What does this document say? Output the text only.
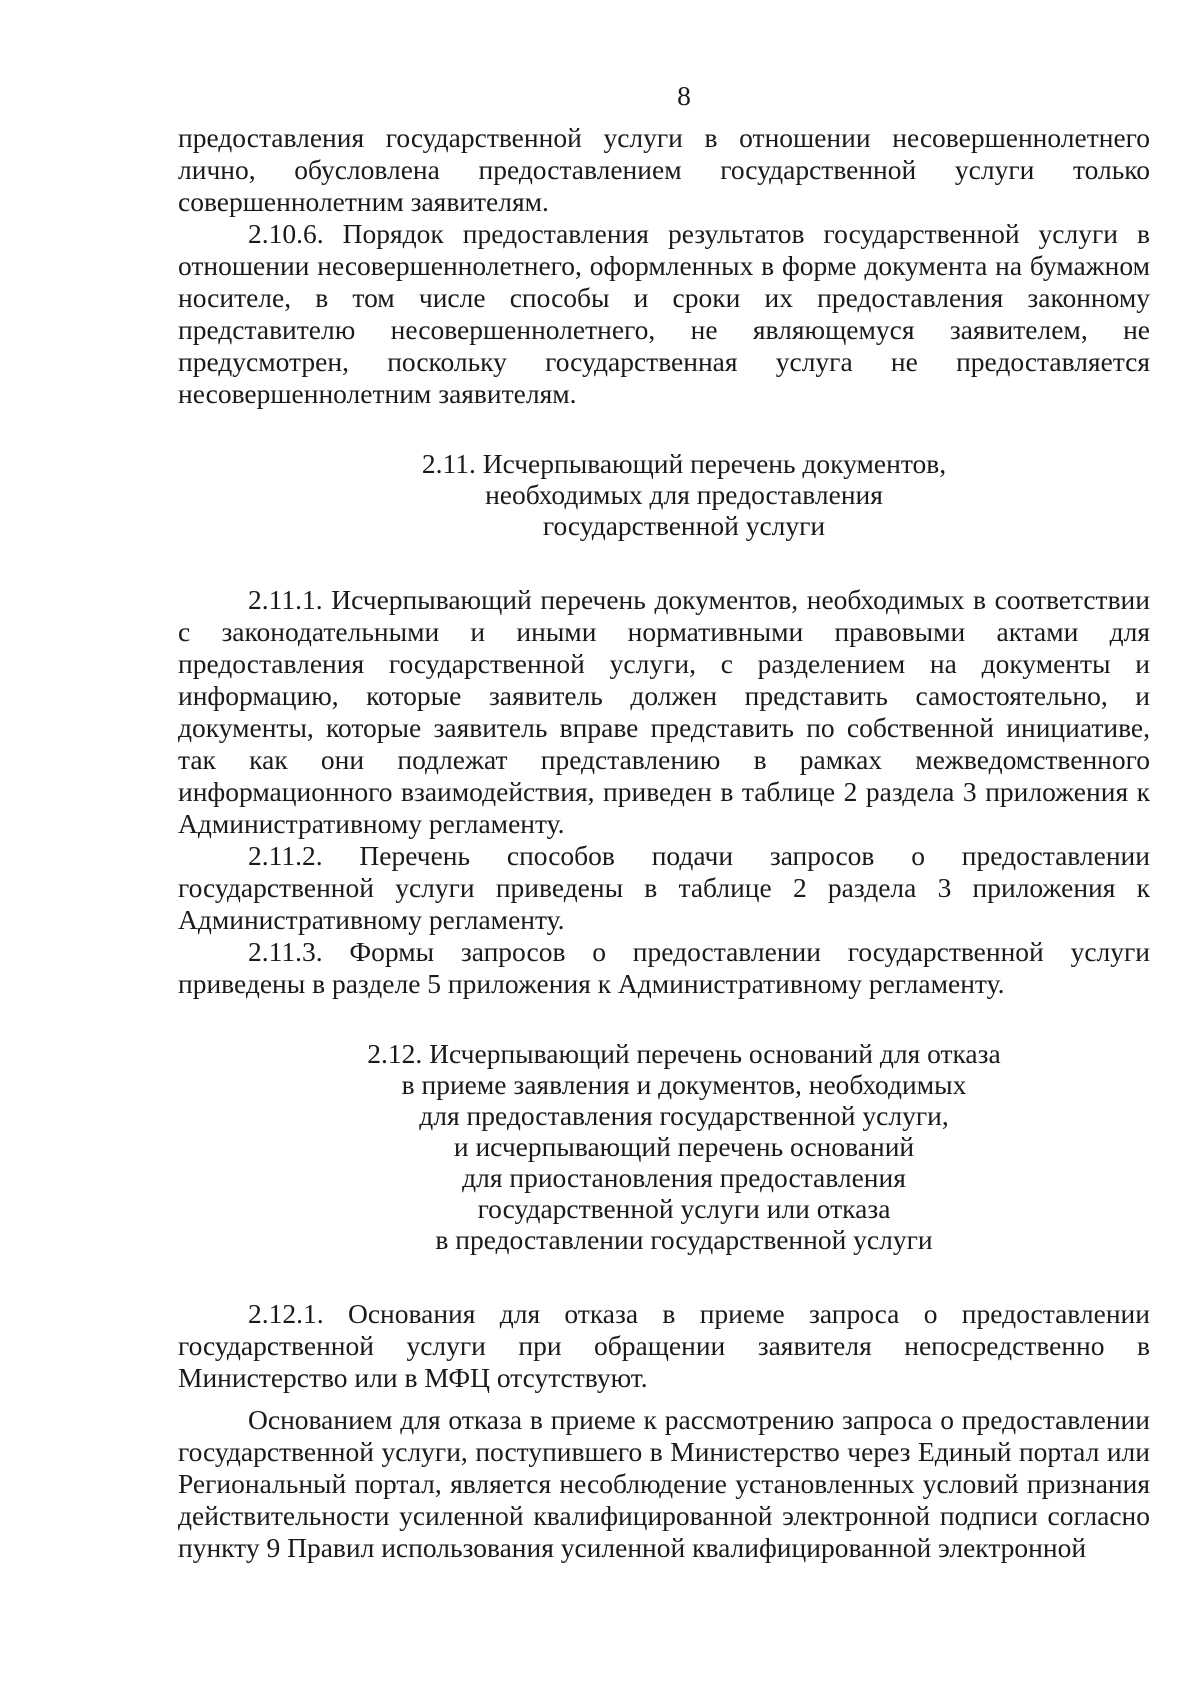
8

предоставления государственной услуги в отношении несовершеннолетнего лично, обусловлена предоставлением государственной услуги только совершеннолетним заявителям.

2.10.6. Порядок предоставления результатов государственной услуги в отношении несовершеннолетнего, оформленных в форме документа на бумажном носителе, в том числе способы и сроки их предоставления законному представителю несовершеннолетнего, не являющемуся заявителем, не предусмотрен, поскольку государственная услуга не предоставляется несовершеннолетним заявителям.

2.11. Исчерпывающий перечень документов,
необходимых для предоставления
государственной услуги

2.11.1. Исчерпывающий перечень документов, необходимых в соответствии с законодательными и иными нормативными правовыми актами для предоставления государственной услуги, с разделением на документы и информацию, которые заявитель должен представить самостоятельно, и документы, которые заявитель вправе представить по собственной инициативе, так как они подлежат представлению в рамках межведомственного информационного взаимодействия, приведен в таблице 2 раздела 3 приложения к Административному регламенту.

2.11.2. Перечень способов подачи запросов о предоставлении государственной услуги приведены в таблице 2 раздела 3 приложения к Административному регламенту.

2.11.3. Формы запросов о предоставлении государственной услуги приведены в разделе 5 приложения к Административному регламенту.

2.12. Исчерпывающий перечень оснований для отказа
в приеме заявления и документов, необходимых
для предоставления государственной услуги,
и исчерпывающий перечень оснований
для приостановления предоставления
государственной услуги или отказа
в предоставлении государственной услуги

2.12.1. Основания для отказа в приеме запроса о предоставлении государственной услуги при обращении заявителя непосредственно в Министерство или в МФЦ отсутствуют.

Основанием для отказа в приеме к рассмотрению запроса о предоставлении государственной услуги, поступившего в Министерство через Единый портал или Региональный портал, является несоблюдение установленных условий признания действительности усиленной квалифицированной электронной подписи согласно пункту 9 Правил использования усиленной квалифицированной электронной
